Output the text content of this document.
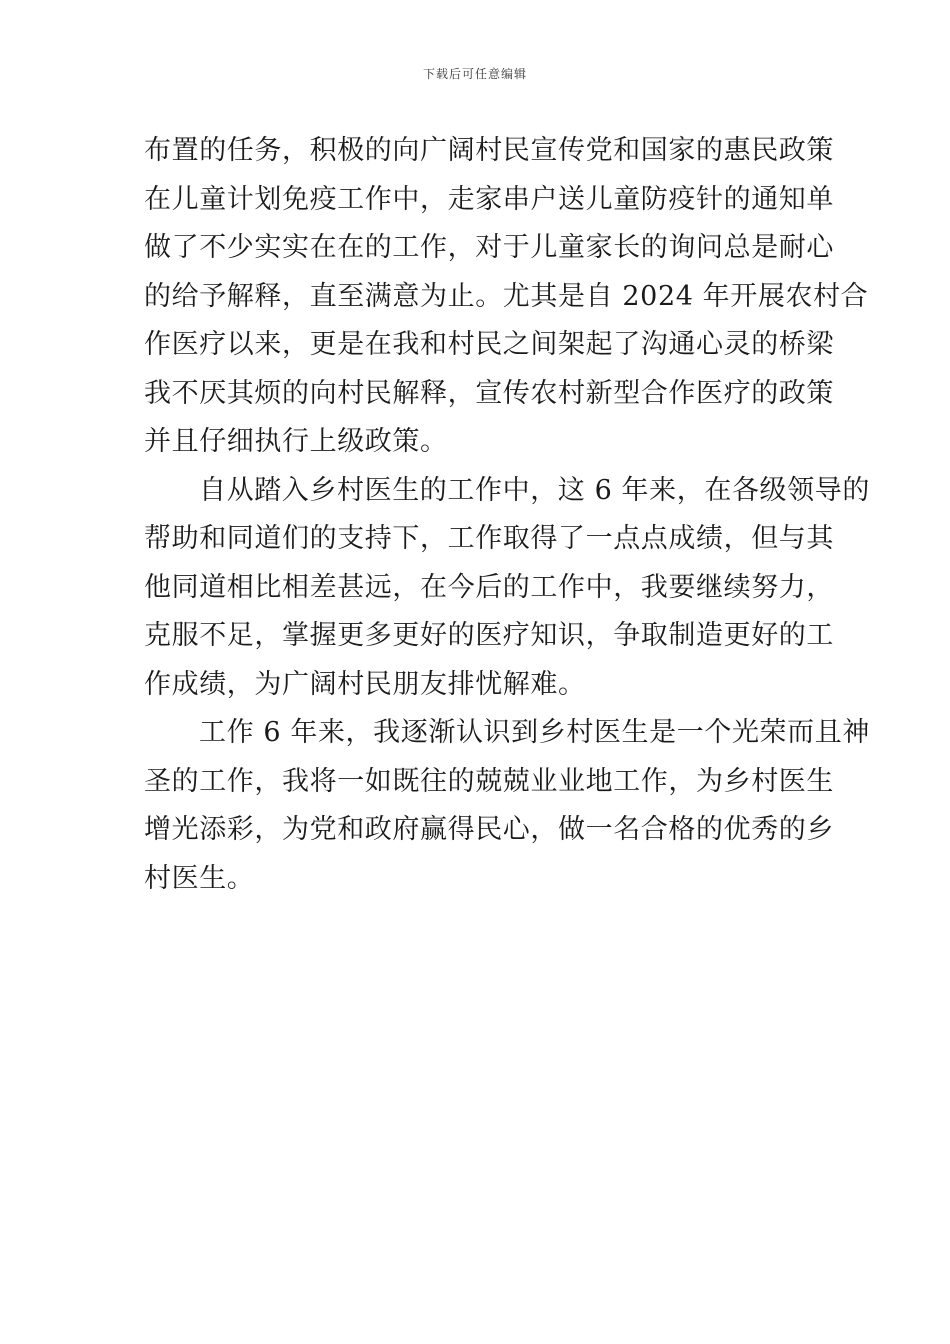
下载后可任意编辑
布置的任务，积极的向广阔村民宣传党和国家的惠民政策
在儿童计划免疫工作中，走家串户送儿童防疫针的通知单
做了不少实实在在的工作，对于儿童家长的询问总是耐心
的给予解释，直至满意为止。尤其是自 2024 年开展农村合
作医疗以来，更是在我和村民之间架起了沟通心灵的桥梁
我不厌其烦的向村民解释，宣传农村新型合作医疗的政策
并且仔细执行上级政策。
自从踏入乡村医生的工作中，这 6 年来，在各级领导的
帮助和同道们的支持下，工作取得了一点点成绩，但与其
他同道相比相差甚远，在今后的工作中，我要继续努力，
克服不足，掌握更多更好的医疗知识，争取制造更好的工
作成绩，为广阔村民朋友排忧解难。
工作 6 年来，我逐渐认识到乡村医生是一个光荣而且神
圣的工作，我将一如既往的兢兢业业地工作，为乡村医生
增光添彩，为党和政府赢得民心，做一名合格的优秀的乡
村医生。
